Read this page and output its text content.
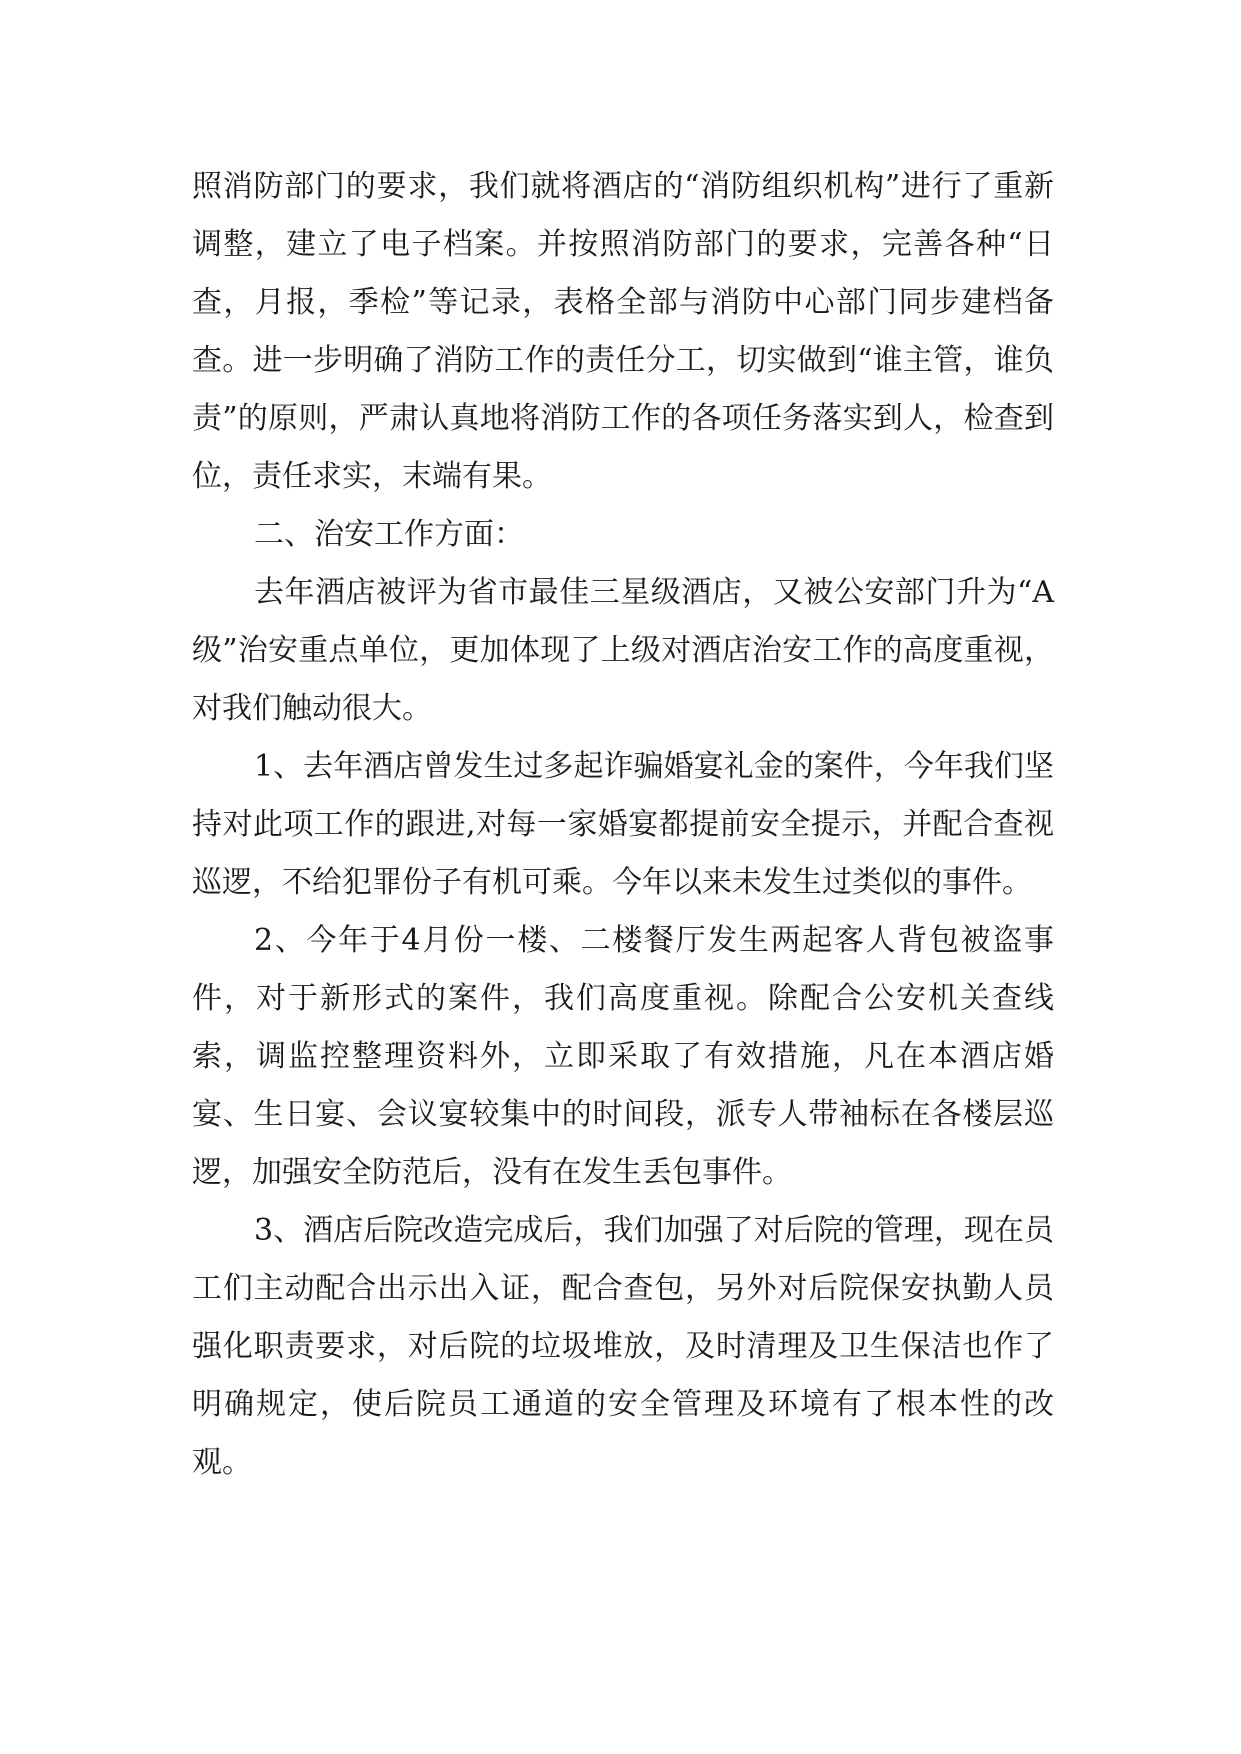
照消防部门的要求，我们就将酒店的“消防组织机构”进行了重新调整，建立了电子档案。并按照消防部门的要求，完善各种“日查，月报，季检”等记录，表格全部与消防中心部门同步建档备查。进一步明确了消防工作的责任分工，切实做到“谁主管，谁负责”的原则，严肃认真地将消防工作的各项任务落实到人，检查到位，责任求实，末端有果。

二、治安工作方面：

去年酒店被评为省市最佳三星级酒店，又被公安部门升为“A级”治安重点单位，更加体现了上级对酒店治安工作的高度重视，对我们触动很大。

1、去年酒店曾发生过多起诈骗婚宴礼金的案件，今年我们坚持对此项工作的跟进,对每一家婚宴都提前安全提示，并配合查视巡逻，不给犯罪份子有机可乘。今年以来未发生过类似的事件。

2、今年于4月份一楼、二楼餐厅发生两起客人背包被盗事件，对于新形式的案件，我们高度重视。除配合公安机关查线索，调监控整理资料外，立即采取了有效措施，凡在本酒店婚宴、生日宴、会议宴较集中的时间段，派专人带袖标在各楼层巡逻，加强安全防范后，没有在发生丢包事件。

3、酒店后院改造完成后，我们加强了对后院的管理，现在员工们主动配合出示出入证，配合查包，另外对后院保安执勤人员强化职责要求，对后院的垃圾堆放，及时清理及卫生保洁也作了明确规定，使后院员工通道的安全管理及环境有了根本性的改观。
